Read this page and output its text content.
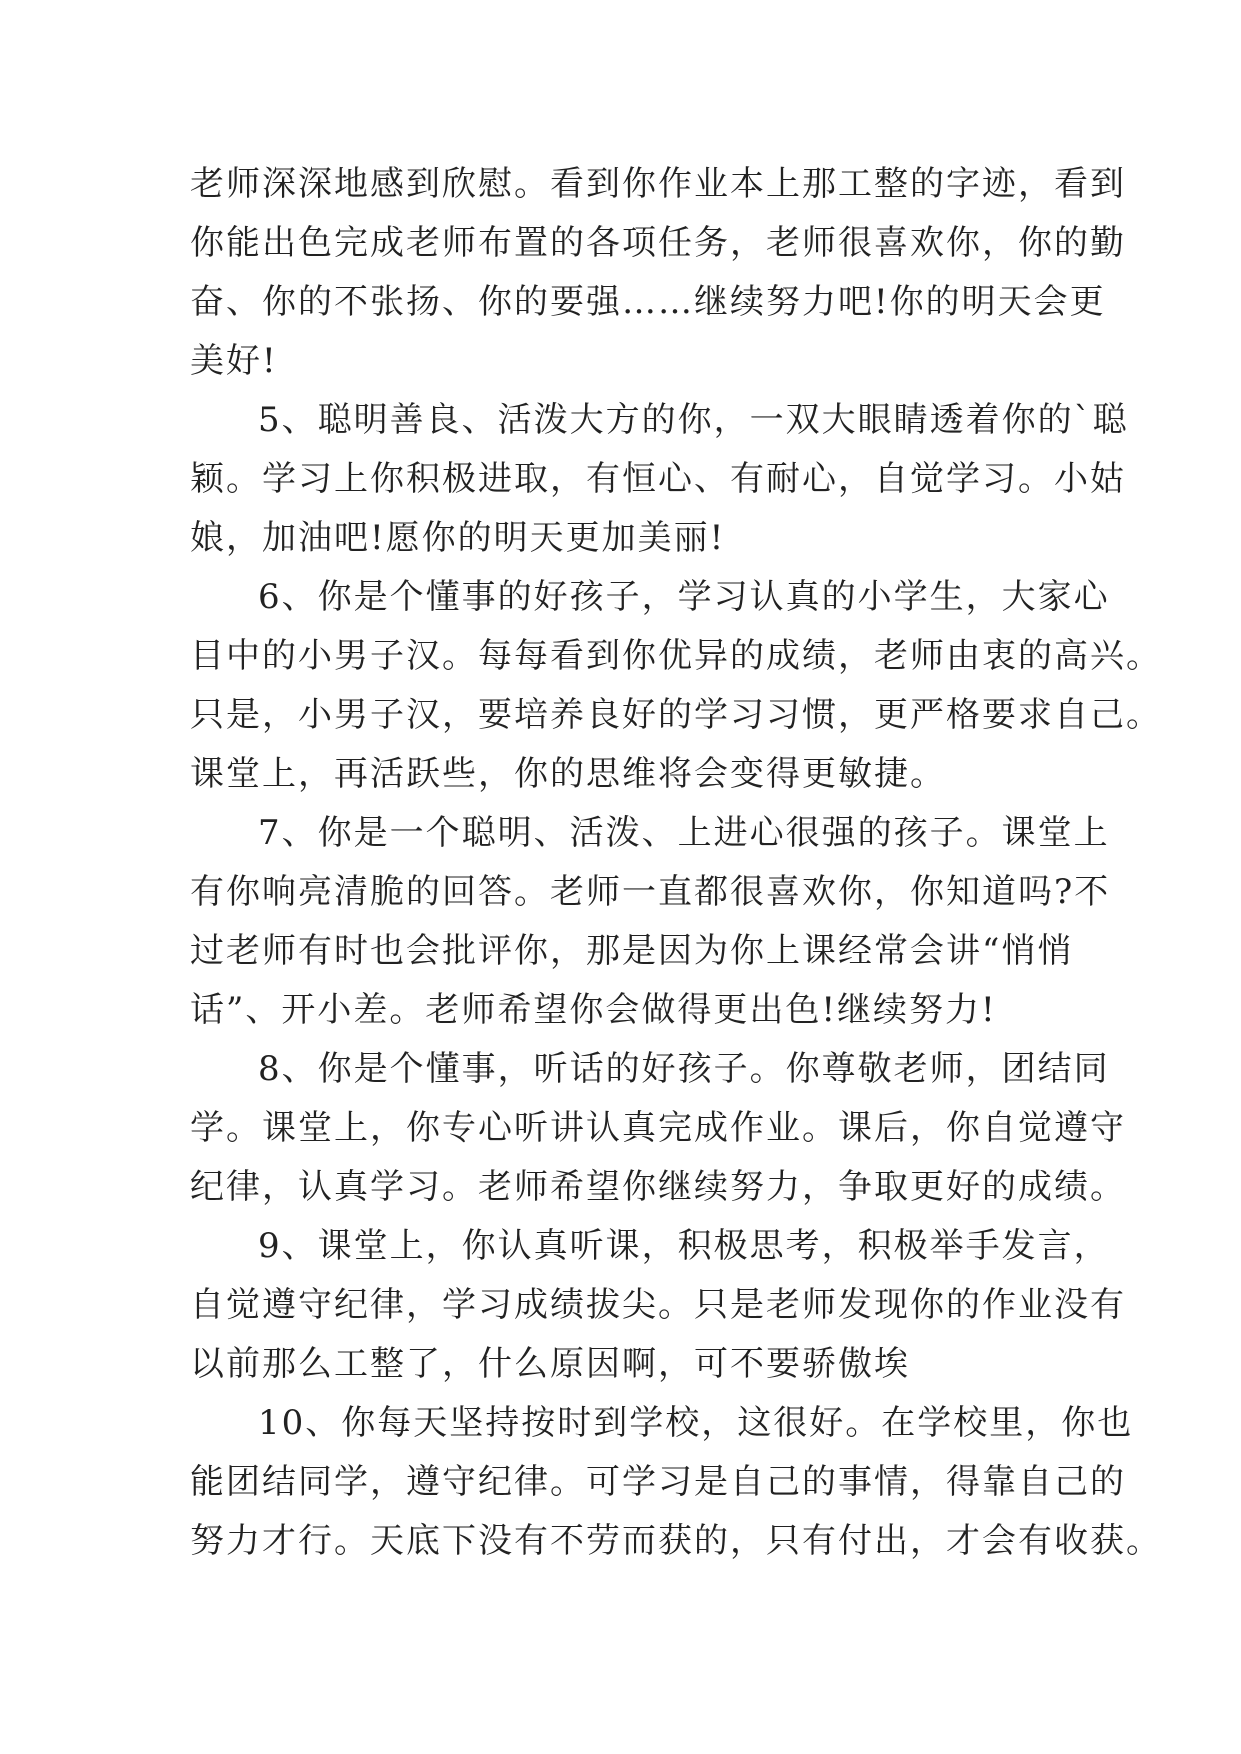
老师深深地感到欣慰。看到你作业本上那工整的字迹，看到
你能出色完成老师布置的各项任务，老师很喜欢你，你的勤
奋、你的不张扬、你的要强……继续努力吧!你的明天会更
美好!
5、聪明善良、活泼大方的你，一双大眼睛透着你的`聪
颖。学习上你积极进取，有恒心、有耐心，自觉学习。小姑
娘，加油吧!愿你的明天更加美丽!
6、你是个懂事的好孩子，学习认真的小学生，大家心
目中的小男子汉。每每看到你优异的成绩，老师由衷的高兴。
只是，小男子汉，要培养良好的学习习惯，更严格要求自己。
课堂上，再活跃些，你的思维将会变得更敏捷。
7、你是一个聪明、活泼、上进心很强的孩子。课堂上
有你响亮清脆的回答。老师一直都很喜欢你，你知道吗?不
过老师有时也会批评你，那是因为你上课经常会讲“悄悄
话”、开小差。老师希望你会做得更出色!继续努力!
8、你是个懂事，听话的好孩子。你尊敬老师，团结同
学。课堂上，你专心听讲认真完成作业。课后，你自觉遵守
纪律，认真学习。老师希望你继续努力，争取更好的成绩。
9、课堂上，你认真听课，积极思考，积极举手发言，
自觉遵守纪律，学习成绩拔尖。只是老师发现你的作业没有
以前那么工整了，什么原因啊，可不要骄傲埃
10、你每天坚持按时到学校，这很好。在学校里，你也
能团结同学，遵守纪律。可学习是自己的事情，得靠自己的
努力才行。天底下没有不劳而获的，只有付出，才会有收获。
